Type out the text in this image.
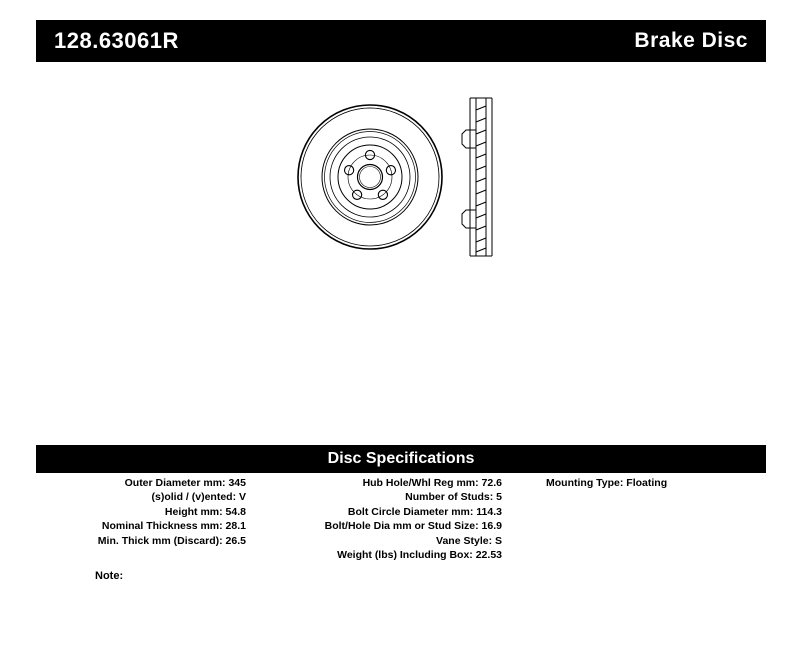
128.63061R	Brake Disc
Disc Specifications
Outer Diameter mm: 345
(s)olid / (v)ented: V
Height mm: 54.8
Nominal Thickness mm: 28.1
Min. Thick mm (Discard): 26.5
Hub Hole/Whl Reg mm: 72.6
Number of Studs: 5
Bolt Circle Diameter mm: 114.3
Bolt/Hole Dia mm or Stud Size: 16.9
Vane Style: S
Weight (lbs) Including Box: 22.53
Mounting Type: Floating
Note:
